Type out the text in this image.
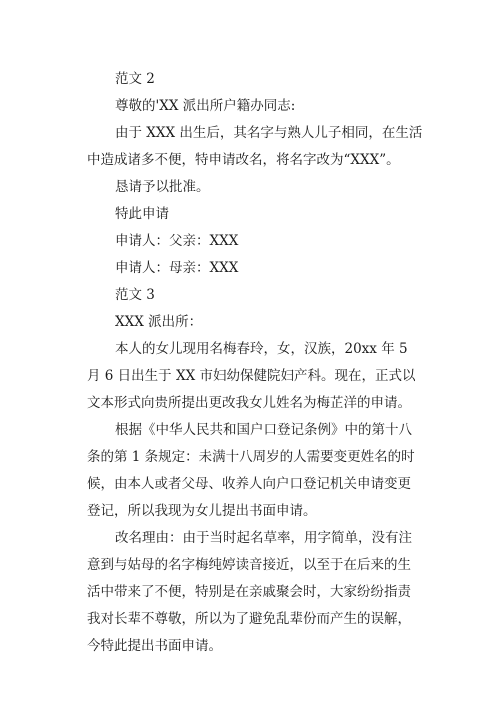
范文 2
尊敬的'XX 派出所户籍办同志:
由于 XXX 出生后，其名字与熟人儿子相同，在生活
中造成诸多不便，特申请改名，将名字改为“XXX”。
恳请予以批准。
特此申请
申请人：父亲：XXX
申请人：母亲：XXX
范文 3
XXX 派出所：
本人的女儿现用名梅春玲，女，汉族，20xx 年 5
月 6 日出生于 XX 市妇幼保健院妇产科。现在，正式以
文本形式向贵所提出更改我女儿姓名为梅芷洋的申请。
根据《中华人民共和国户口登记条例》中的第十八
条的第 1 条规定：未满十八周岁的人需要变更姓名的时
候，由本人或者父母、收养人向户口登记机关申请变更
登记，所以我现为女儿提出书面申请。
改名理由：由于当时起名草率，用字简单，没有注
意到与姑母的名字梅纯婷读音接近，以至于在后来的生
活中带来了不便，特别是在亲戚聚会时，大家纷纷指责
我对长辈不尊敬，所以为了避免乱辈份而产生的误解，
今特此提出书面申请。
